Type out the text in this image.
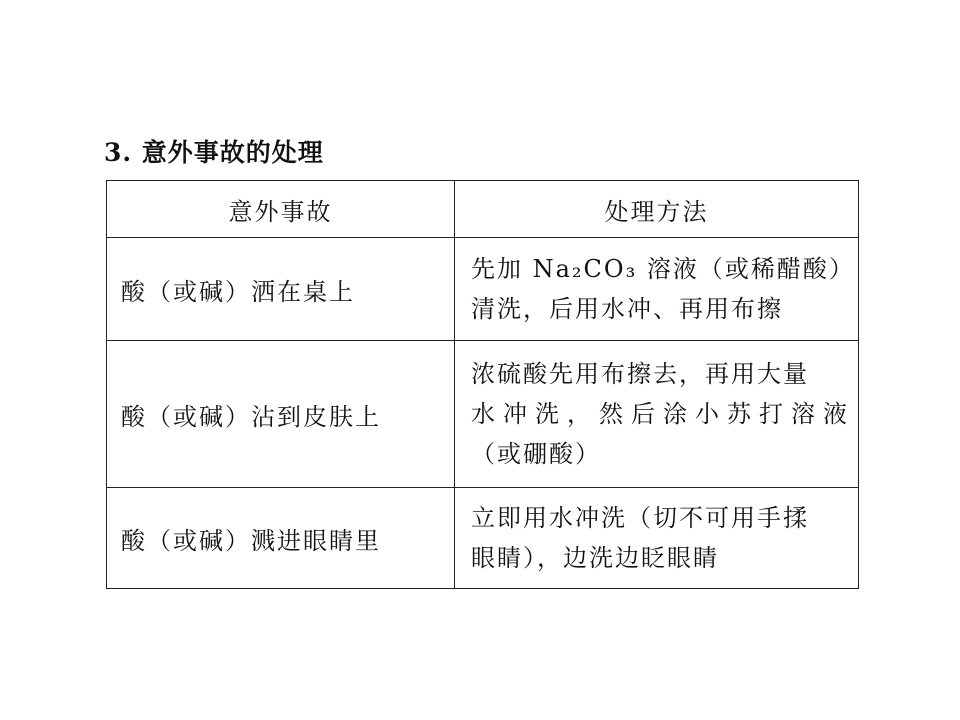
3. 意外事故的处理
意外事故	处理方法
酸（或碱）洒在桌上	先加 Na₂CO₃ 溶液（或稀醋酸）
清洗，后用水冲、再用布擦

酸（或碱）沾到皮肤上	浓硫酸先用布擦去，再用大量
水冲洗，然后涂小苏打溶液
（或硼酸）

酸（或碱）溅进眼睛里	立即用水冲洗（切不可用手揉
眼睛），边洗边眨眼睛
